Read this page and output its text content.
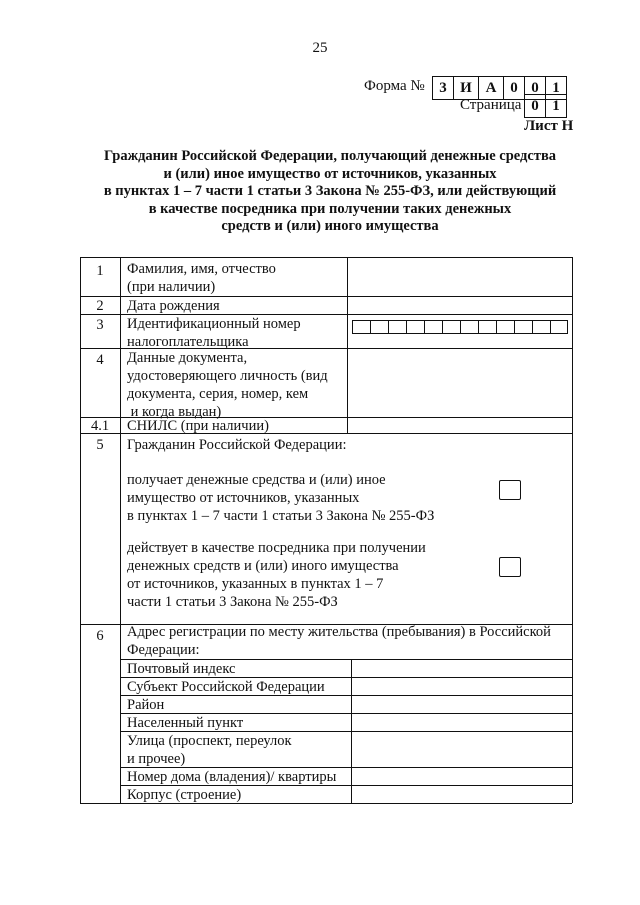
25
Форма № 3 И А 0 0 1
Страница 0 1
Лист Н
Гражданин Российской Федерации, получающий денежные средства
и (или) иное имущество от источников, указанных
в пунктах 1 – 7 части 1 статьи 3 Закона № 255-ФЗ, или действующий
в качестве посредника при получении таких денежных
средств и (или) иного имущества
1	Фамилия, имя, отчество
(при наличии)
2	Дата рождения
3	Идентификационный номер
налогоплательщика
4	Данные документа,
удостоверяющего личность (вид
документа, серия, номер, кем
и когда выдан)
4.1	СНИЛС (при наличии)
5	Гражданин Российской Федерации:
получает денежные средства и (или) иное
имущество от источников, указанных
в пунктах 1 – 7 части 1 статьи 3 Закона № 255-ФЗ
действует в качестве посредника при получении
денежных средств и (или) иного имущества
от источников, указанных в пунктах 1 – 7
части 1 статьи 3 Закона № 255-ФЗ
6	Адрес регистрации по месту жительства (пребывания) в Российской
Федерации:
Почтовый индекс
Субъект Российской Федерации
Район
Населенный пункт
Улица (проспект, переулок
и прочее)
Номер дома (владения)/ квартиры
Корпус (строение)
